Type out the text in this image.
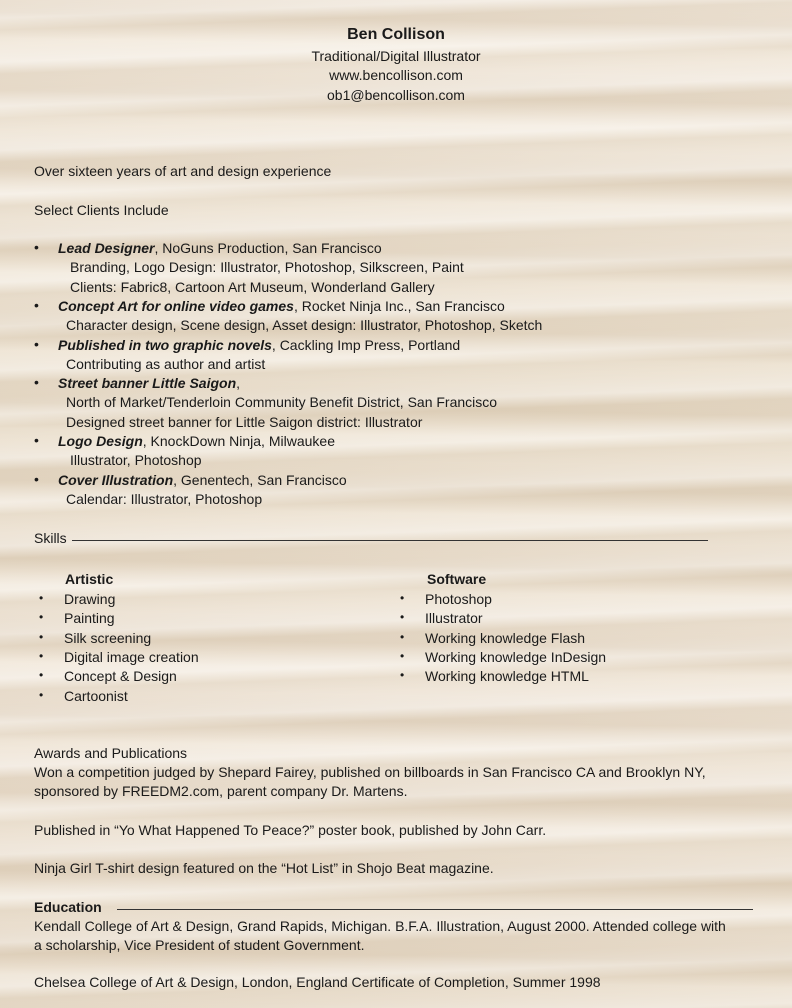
Ben Collison
Traditional/Digital Illustrator
www.bencollison.com
ob1@bencollison.com
Over sixteen years of art and design experience
Select Clients Include
• Lead Designer, NoGuns Production, San Francisco
Branding, Logo Design: Illustrator, Photoshop, Silkscreen, Paint
Clients: Fabric8, Cartoon Art Museum, Wonderland Gallery
• Concept Art for online video games, Rocket Ninja Inc., San Francisco
Character design, Scene design, Asset design: Illustrator, Photoshop, Sketch
• Published in two graphic novels, Cackling Imp Press, Portland
Contributing as author and artist
• Street banner Little Saigon,
North of Market/Tenderloin Community Benefit District, San Francisco
Designed street banner for Little Saigon district: Illustrator
• Logo Design, KnockDown Ninja, Milwaukee
Illustrator, Photoshop
• Cover Illustration, Genentech, San Francisco
Calendar: Illustrator, Photoshop
Skills
Artistic	Software
• Drawing
• Painting
• Silk screening
• Digital image creation
• Concept & Design
• Cartoonist
• Photoshop
• Illustrator
• Working knowledge Flash
• Working knowledge InDesign
• Working knowledge HTML
Awards and Publications
Won a competition judged by Shepard Fairey, published on billboards in San Francisco CA and Brooklyn NY,
sponsored by FREEDM2.com, parent company Dr. Martens.
Published in “Yo What Happened To Peace?” poster book, published by John Carr.
Ninja Girl T-shirt design featured on the “Hot List” in Shojo Beat magazine.
Education
Kendall College of Art & Design, Grand Rapids, Michigan. B.F.A. Illustration, August 2000. Attended college with
a scholarship, Vice President of student Government.
Chelsea College of Art & Design, London, England Certificate of Completion, Summer 1998
